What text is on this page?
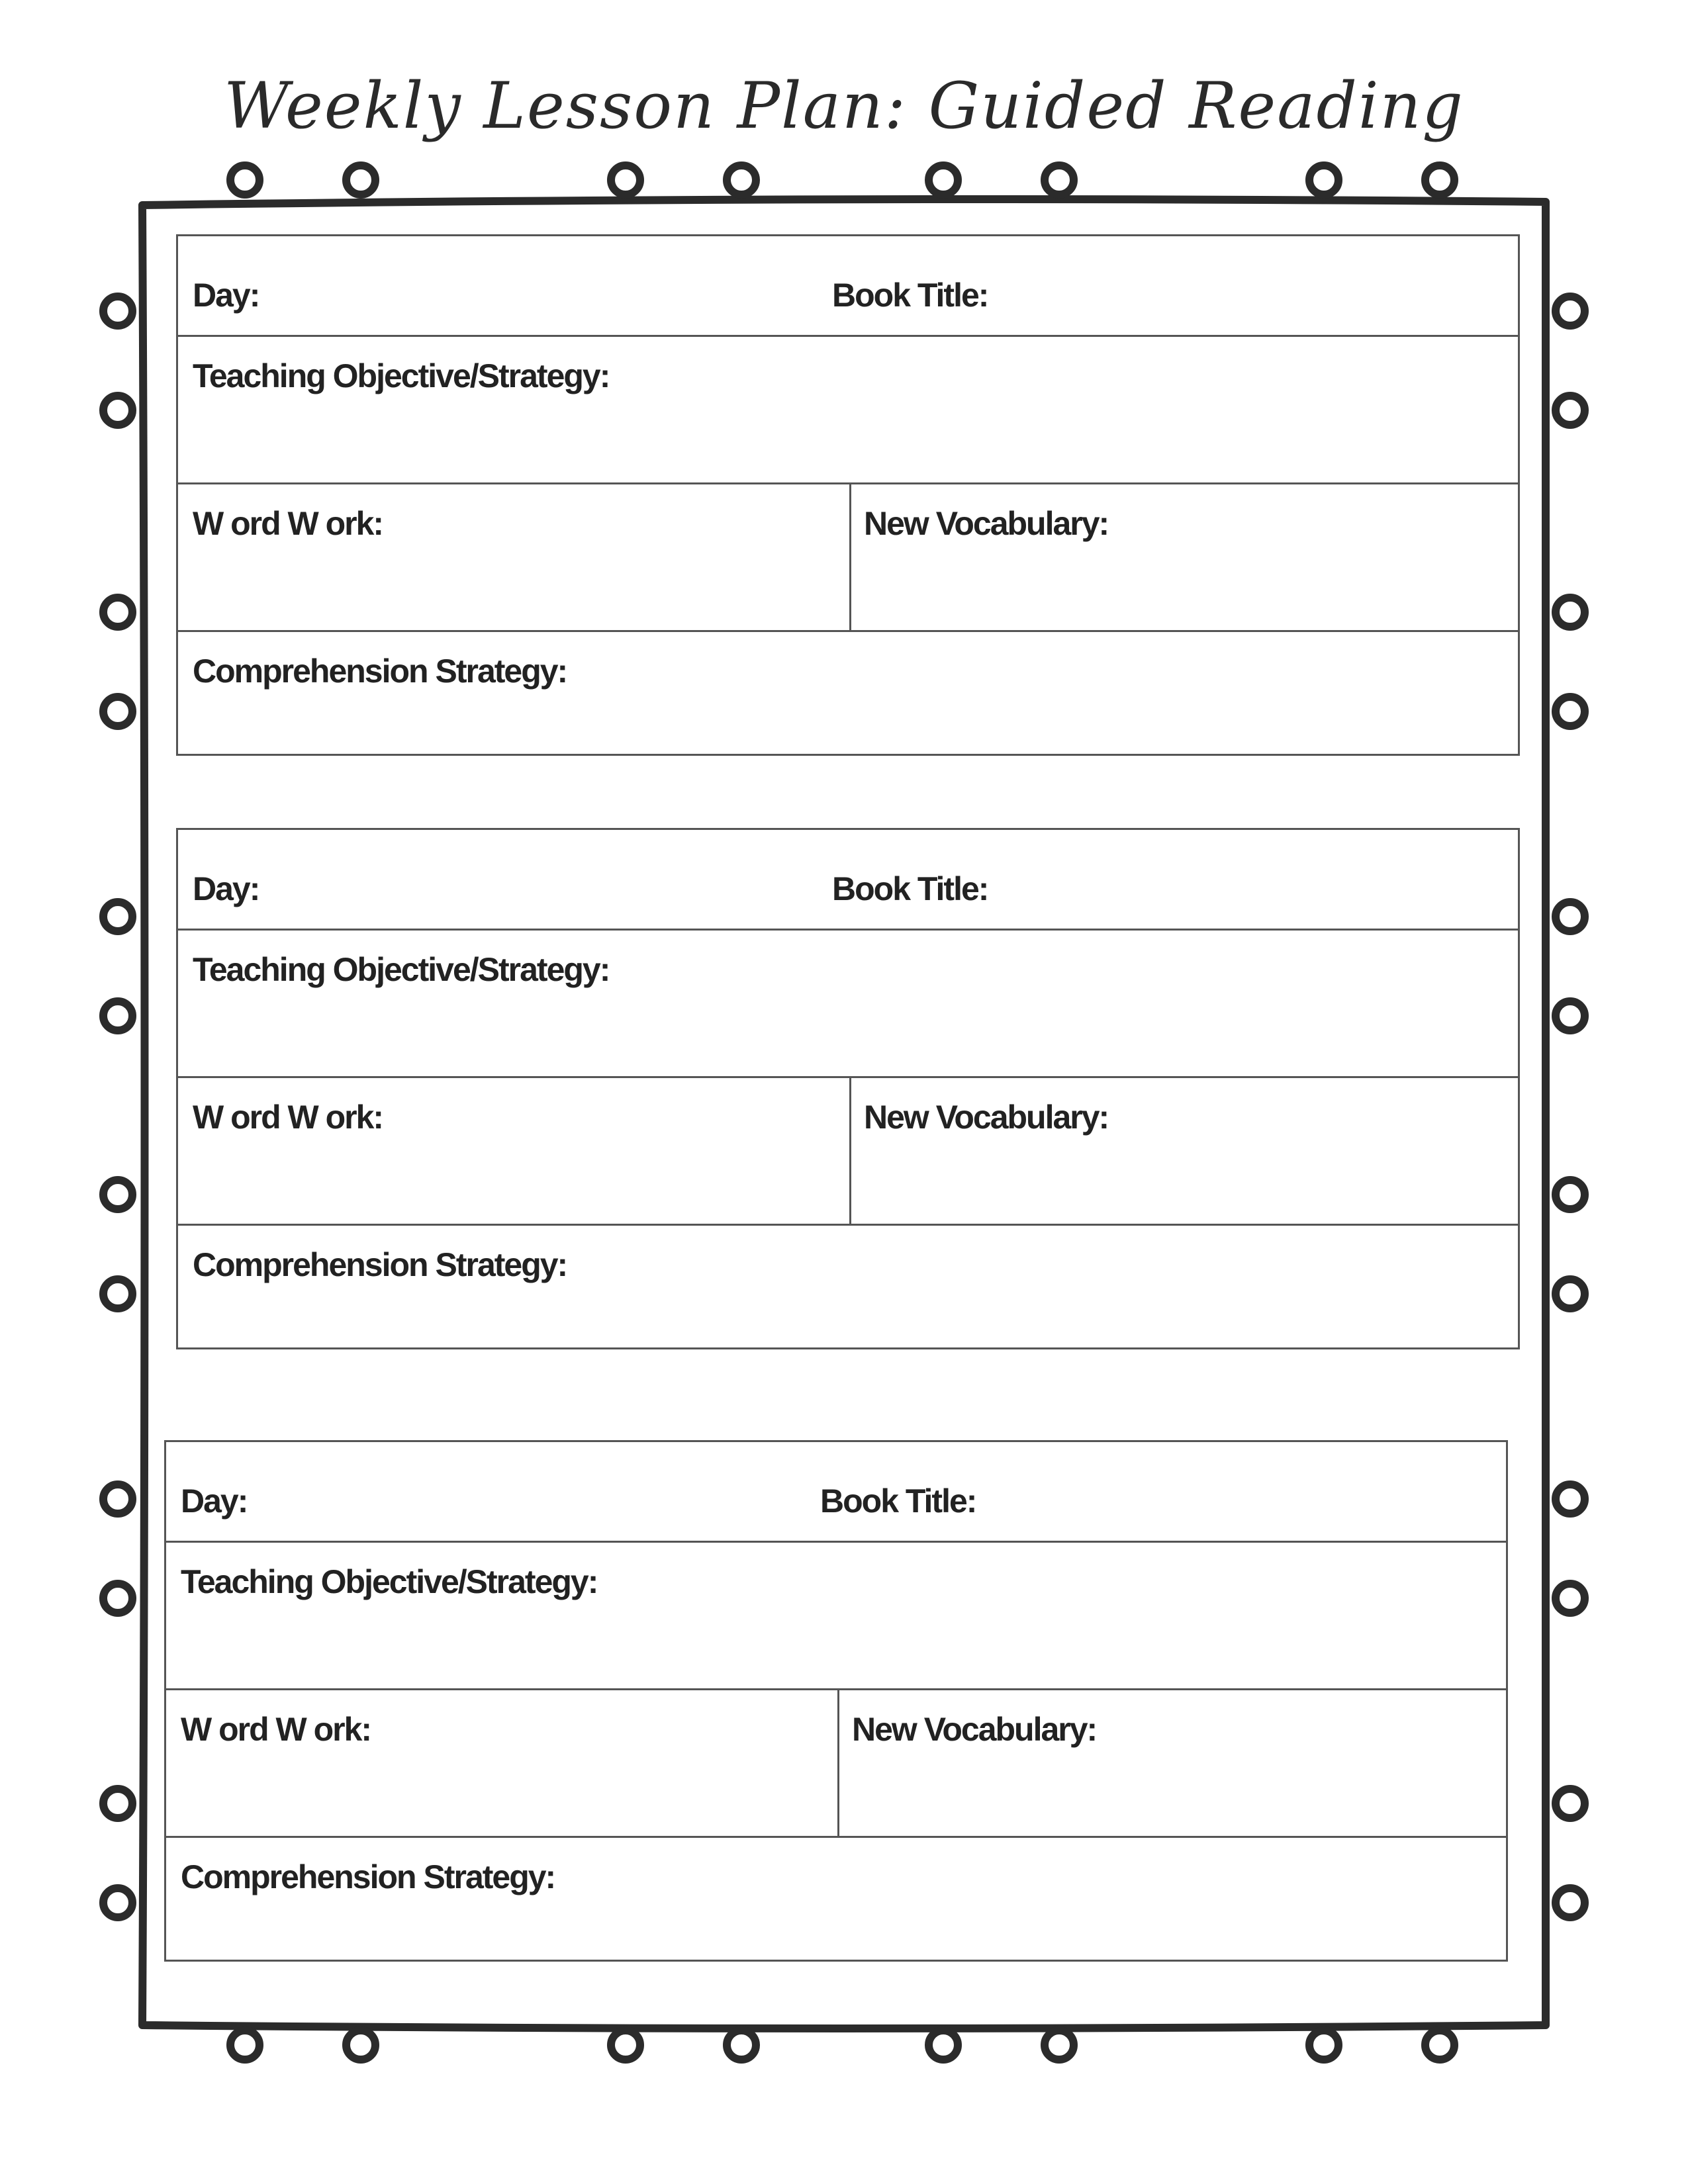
Weekly Lesson Plan: Guided Reading
Day:	Book Title:
Teaching Objective/Strategy:
W ord W ork:	New Vocabulary:
Comprehension Strategy:
Day:	Book Title:
Teaching Objective/Strategy:
W ord W ork:	New Vocabulary:
Comprehension Strategy:
Day:	Book Title:
Teaching Objective/Strategy:
W ord W ork:	New Vocabulary:
Comprehension Strategy:
